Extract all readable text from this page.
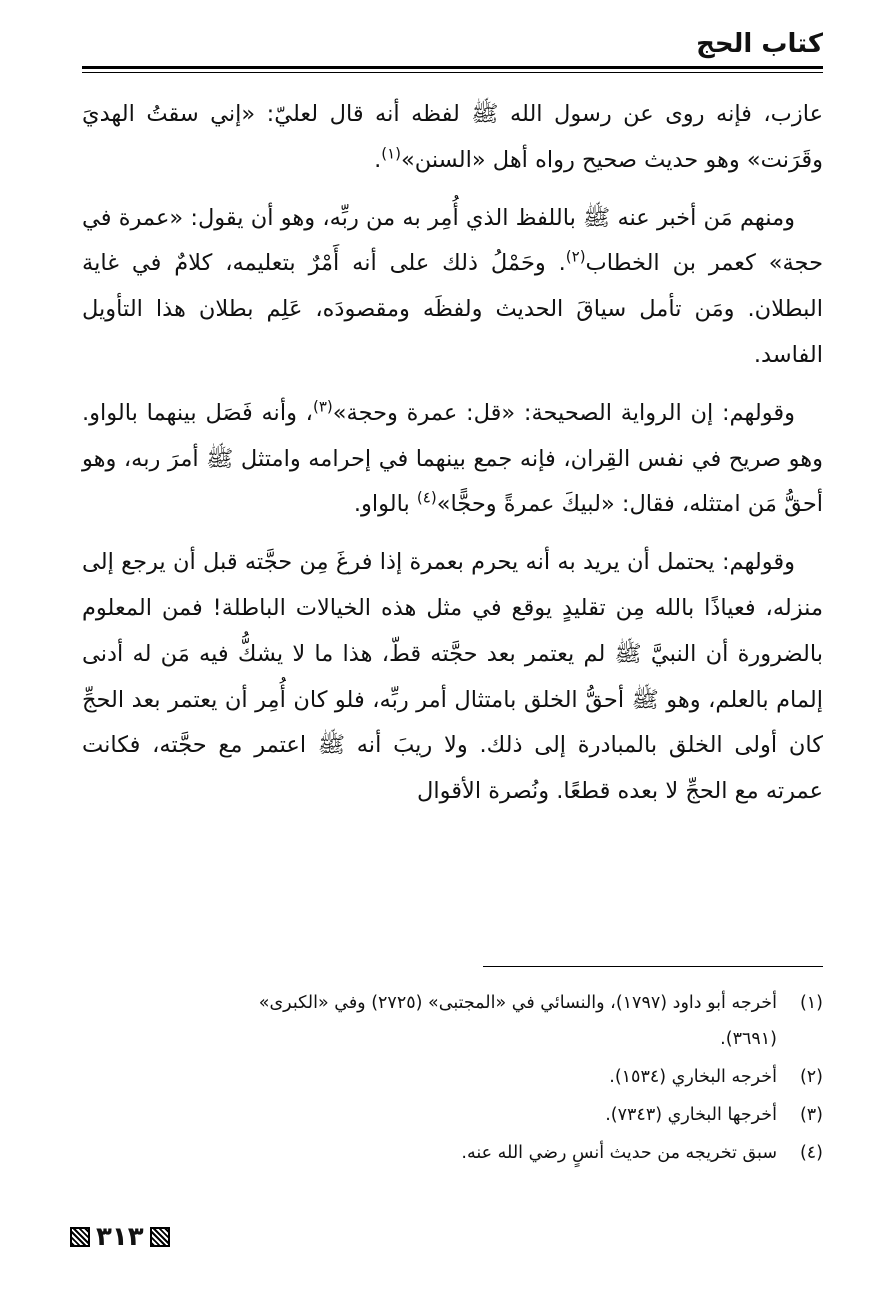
كتاب الحج

عازب، فإنه روى عن رسول الله ﷺ لفظه أنه قال لعليّ: «إني سقتُ الهديَ وقَرَنت» وهو حديث صحيح رواه أهل «السنن»$^{(١)}$.

ومنهم مَن أخبر عنه ﷺ باللفظ الذي أُمِر به من ربِّه، وهو أن يقول: «عمرة في حجة» كعمر بن الخطاب$^{(٢)}$. وحَمْلُ ذلك على أنه أَمْرٌ بتعليمه، كلامٌ في غاية البطلان. ومَن تأمل سياقَ الحديث ولفظَه ومقصودَه، عَلِم بطلان هذا التأويل الفاسد.

وقولهم: إن الرواية الصحيحة: «قل: عمرة وحجة»$^{(٣)}$، وأنه فَصَل بينهما بالواو. وهو صريح في نفس القِران، فإنه جمع بينهما في إحرامه وامتثل ﷺ أمرَ ربه، وهو أحقُّ مَن امتثله، فقال: «لبيكَ عمرةً وحجًّا»$^{(٤)}$ بالواو.

وقولهم: يحتمل أن يريد به أنه يحرم بعمرة إذا فرغَ مِن حجَّته قبل أن يرجع إلى منزله، فعياذًا بالله مِن تقليدٍ يوقع في مثل هذه الخيالات الباطلة! فمن المعلوم بالضرورة أن النبيَّ ﷺ لم يعتمر بعد حجَّته قطّ، هذا ما لا يشكُّ فيه مَن له أدنى إلمام بالعلم، وهو ﷺ أحقُّ الخلق بامتثال أمر ربِّه، فلو كان أُمِر أن يعتمر بعد الحجِّ كان أولى الخلق بالمبادرة إلى ذلك. ولا ريبَ أنه ﷺ اعتمر مع حجَّته، فكانت عمرته مع الحجِّ لا بعده قطعًا. ونُصرة الأقوال

(١)أخرجه أبو داود (١٧٩٧)، والنسائي في «المجتبى» (٢٧٢٥) وفي «الكبرى»
(٣٦٩١).
(٢)أخرجه البخاري (١٥٣٤).
(٣)أخرجها البخاري (٧٣٤٣).
(٤)سبق تخريجه من حديث أنسٍ رضي الله عنه.
٣١٣
